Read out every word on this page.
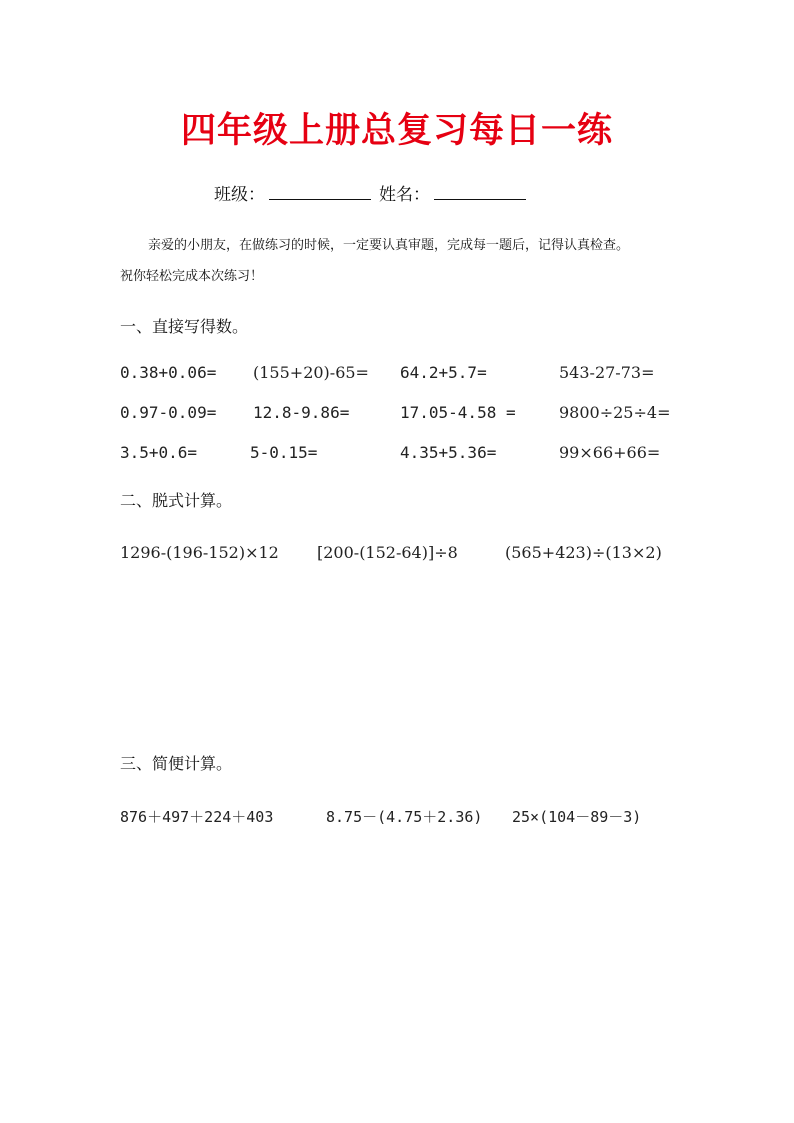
四年级上册总复习每日一练
班级：	姓名：
亲爱的小朋友，在做练习的时候，一定要认真审题，完成每一题后，记得认真检查。
祝你轻松完成本次练习！
一、直接写得数。
0.38+0.06= (155+20)-65= 64.2+5.7=	543-27-73=
0.97-0.09= 12.8-9.86=	17.05-4.58 =	9800÷25÷4=
3.5+0.6=	5-0.15=	4.35+5.36=	99×66+66=
二、脱式计算。
1296-(196-152)×12 [200-(152-64)]÷8	(565+423)÷(13×2)
三、简便计算。
876＋497＋224＋403	8.75－(4.75＋2.36) 25×(104－89－3)
